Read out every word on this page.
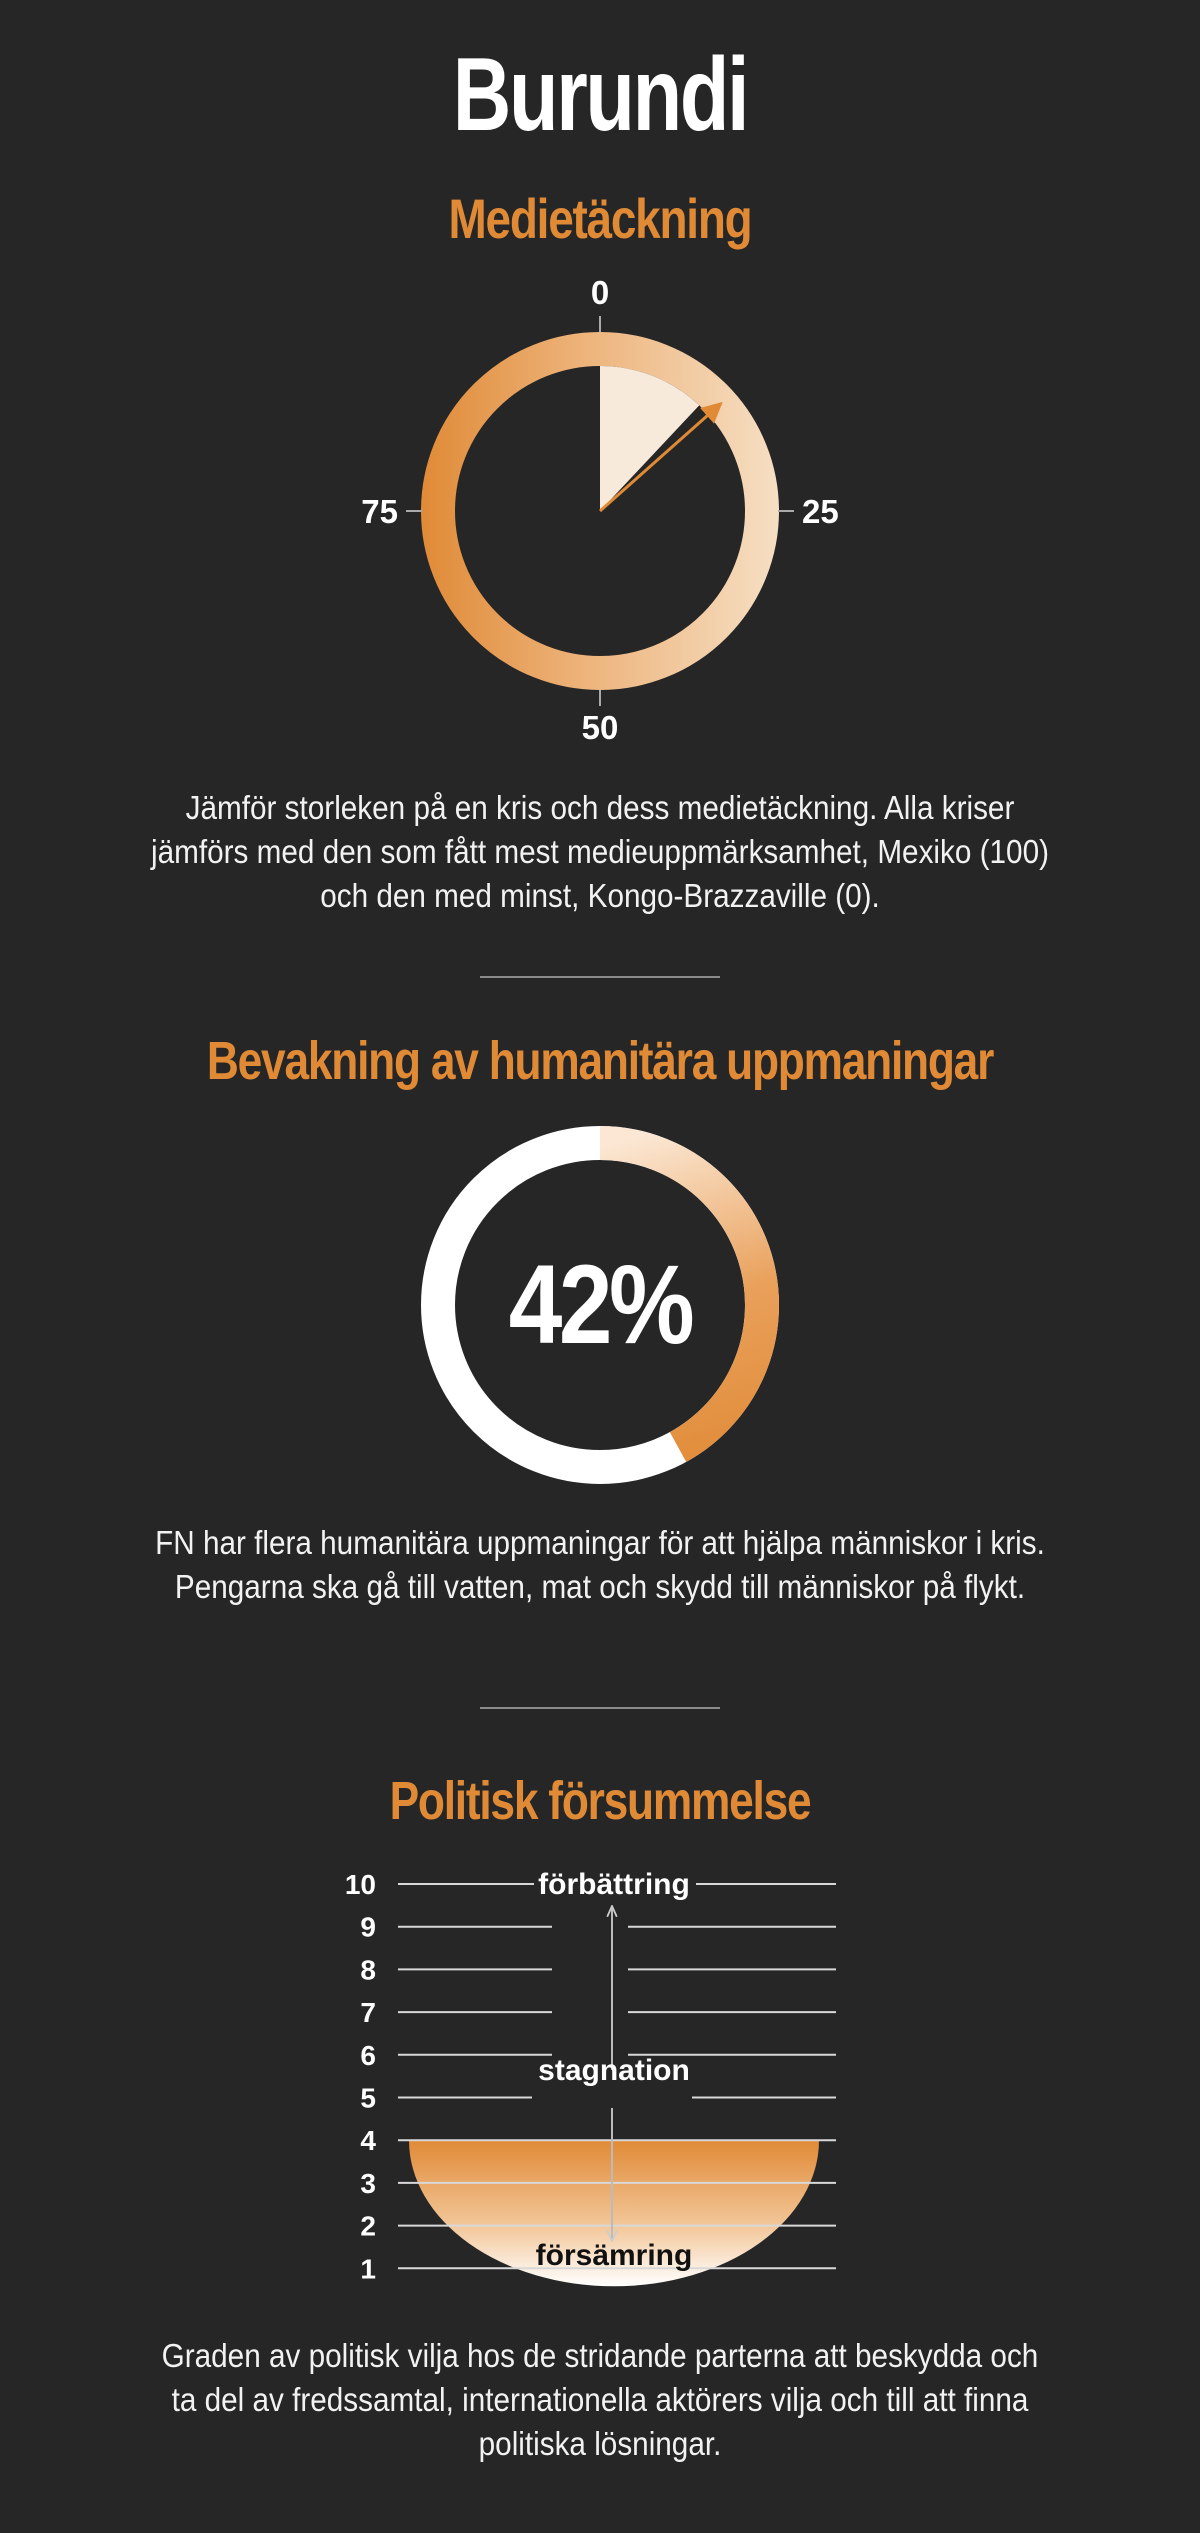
Burundi
Medietäckning
0
25
50
75
Jämför storleken på en kris och dess medietäckning. Alla kriser
jämförs med den som fått mest medieuppmärksamhet, Mexiko (100)
och den med minst, Kongo-Brazzaville (0).
Bevakning av humanitära uppmaningar
42%
FN har flera humanitära uppmaningar för att hjälpa människor i kris.
Pengarna ska gå till vatten, mat och skydd till människor på flykt.
Politisk försummelse
10
9
8
7
6
5
4
3
2
1
förbättring
stagnation
försämring
Graden av politisk vilja hos de stridande parterna att beskydda och
ta del av fredssamtal, internationella aktörers vilja och till att finna
politiska lösningar.
